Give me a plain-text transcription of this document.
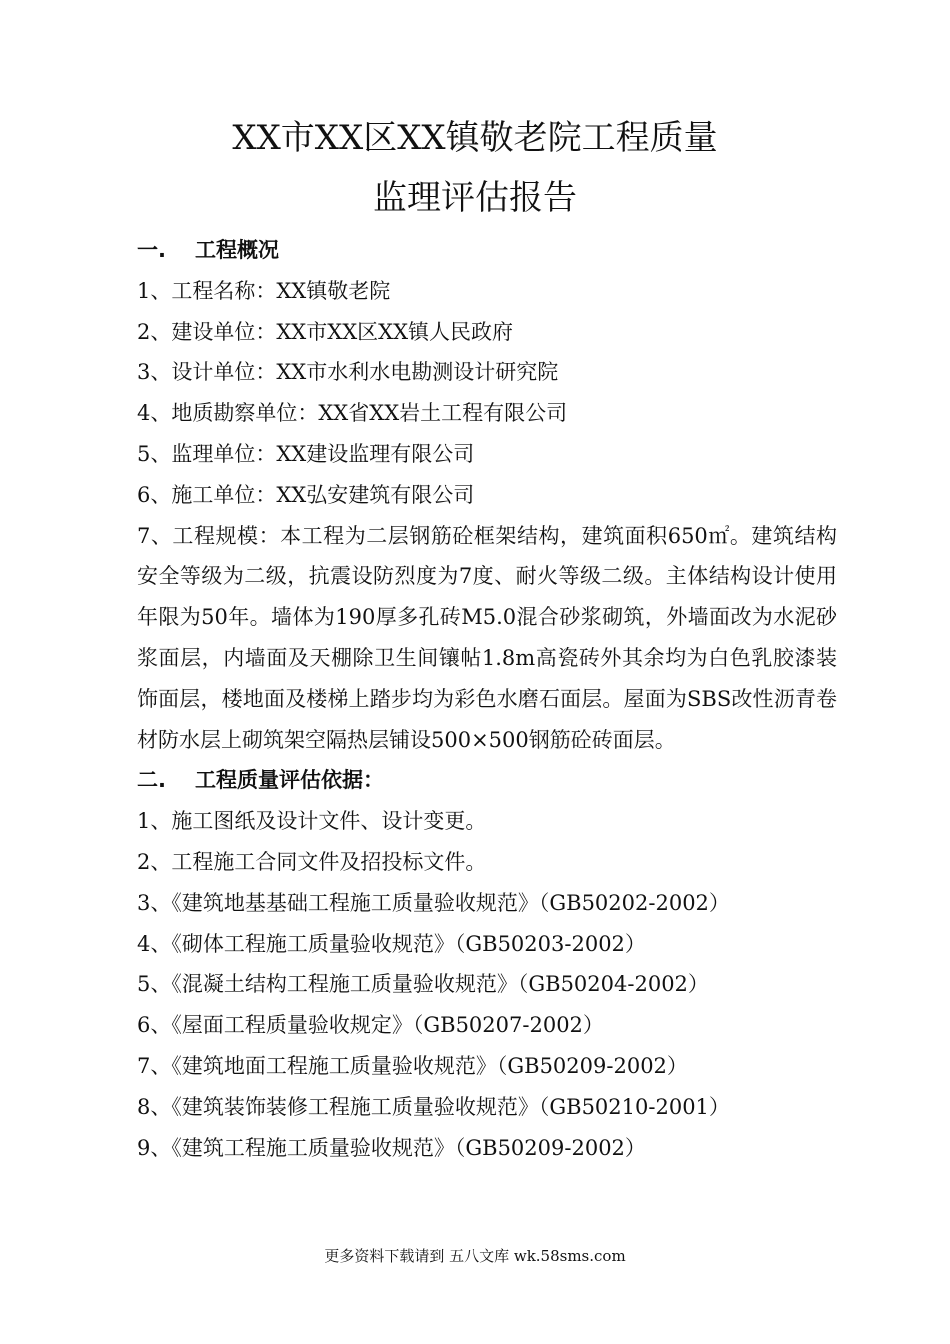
XX市XX区XX镇敬老院工程质量
监理评估报告
一. 工程概况
1、工程名称：XX镇敬老院
2、建设单位：XX市XX区XX镇人民政府
3、设计单位：XX市水利水电勘测设计研究院
4、地质勘察单位：XX省XX岩土工程有限公司
5、监理单位：XX建设监理有限公司
6、施工单位：XX弘安建筑有限公司

7、工程规模：本工程为二层钢筋砼框架结构，建筑面积650㎡。建筑结构安全等级为二级，抗震设防烈度为7度、耐火等级二级。主体结构设计使用年限为50年。墙体为190厚多孔砖M5.0混合砂浆砌筑，外墙面改为水泥砂浆面层，内墙面及天棚除卫生间镶帖1.8m高瓷砖外其余均为白色乳胶漆装饰面层，楼地面及楼梯上踏步均为彩色水磨石面层。屋面为SBS改性沥青卷材防水层上砌筑架空隔热层铺设500×500钢筋砼砖面层。

二. 工程质量评估依据：
1、施工图纸及设计文件、设计变更。
2、工程施工合同文件及招投标文件。
3、《建筑地基基础工程施工质量验收规范》（GB50202-2002）
4、《砌体工程施工质量验收规范》（GB50203-2002）
5、《混凝土结构工程施工质量验收规范》（GB50204-2002）
6、《屋面工程质量验收规定》（GB50207-2002）
7、《建筑地面工程施工质量验收规范》（GB50209-2002）
8、《建筑装饰装修工程施工质量验收规范》（GB50210-2001）
9、《建筑工程施工质量验收规范》（GB50209-2002）
更多资料下载请到 五八文库 wk.58sms.com
